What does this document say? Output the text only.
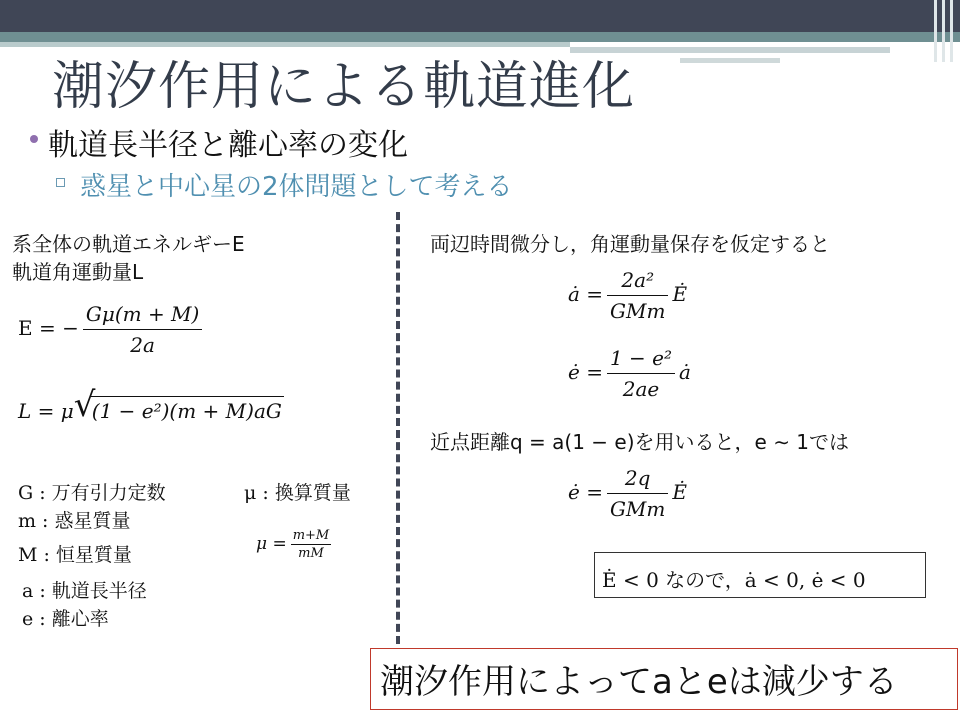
潮汐作用による軌道進化
軌道長半径と離心率の変化
惑星と中心星の2体問題として考える
系全体の軌道エネルギーE
軌道角運動量L
E = − $\frac{G\mu(m + M)}{2a}$
L = μ √
(1 − e²)(m + M)aG
G : 万有引力定数	μ : 換算質量
m : 惑星質量
M : 恒星質量	$\mu = \frac{m+M}{mM}$
a : 軌道長半径
e : 離心率
両辺時間微分し，角運動量保存を仮定すると
ȧ = $\frac{\text{2a²}}{\text{GMm}}$ Ė
ė = $\frac{\text{1 − e²}}{2ae}$ ȧ
近点距離q = a(1 − e)を用いると，e ∼ 1では
ė = $\frac{2q}{\text{GMm}}$ Ė
Ė < 0 なので，ȧ < 0, ė < 0
潮汐作用によってaとeは減少する
